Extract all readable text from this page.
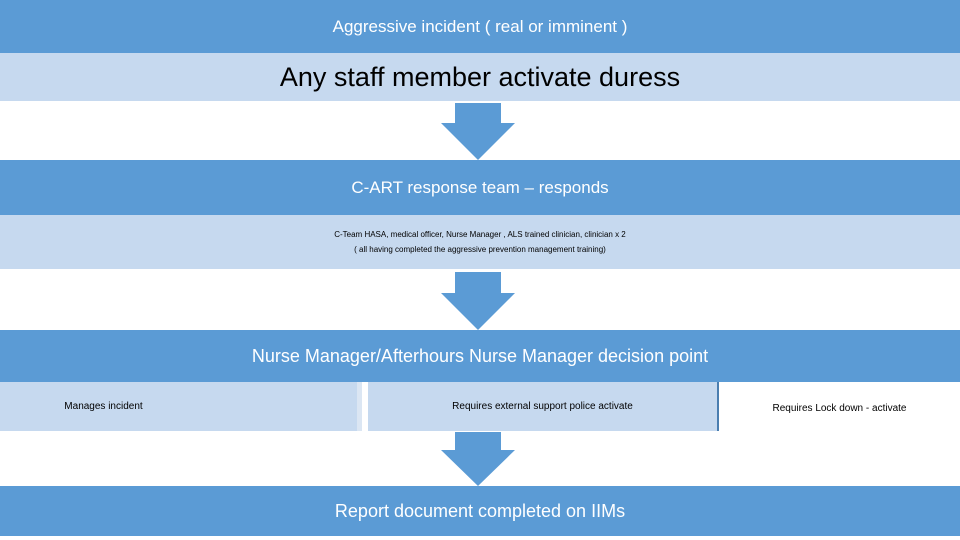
Aggressive incident ( real or imminent )
Any staff member activate duress
C-ART response team – responds
C-Team HASA, medical officer, Nurse Manager , ALS trained clinician, clinician x 2
( all having completed the aggressive prevention management training)
Nurse Manager/Afterhours Nurse Manager decision point
Manages incident	Requires external support police activate	Requires Lock down - activate
Report document completed on IIMs
